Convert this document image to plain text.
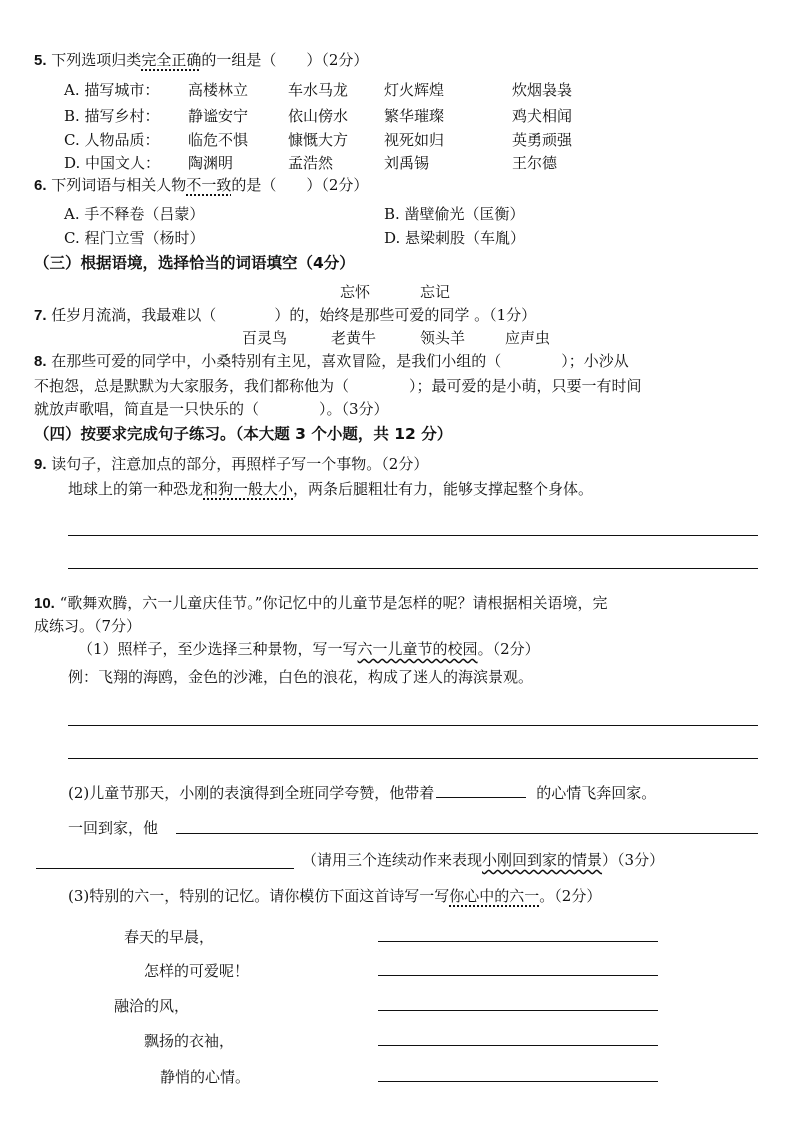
5. 下列选项归类完全正确的一组是（　　）（2分）
A. 描写城市： 高楼林立	车水马龙 灯火辉煌	炊烟袅袅
B. 描写乡村： 静谧安宁	依山傍水 繁华璀璨	鸡犬相闻
C. 人物品质： 临危不惧	慷慨大方 视死如归	英勇顽强
D. 中国文人： 陶渊明	孟浩然	刘禹锡	王尔德
6. 下列词语与相关人物不一致的是（　　）（2分）
A. 手不释卷（吕蒙）	B. 凿壁偷光（匡衡）
C. 程门立雪（杨时）	D. 悬梁刺股（车胤）
（三）根据语境，选择恰当的词语填空（4分）
忘怀	忘记
7. 任岁月流淌，我最难以（	）的，始终是那些可爱的同学 。（1分）
百灵鸟	老黄牛	领头羊	应声虫
8. 在那些可爱的同学中，小桑特别有主见，喜欢冒险，是我们小组的（　　　　）；小沙从
不抱怨，总是默默为大家服务，我们都称他为（　　　　）；最可爱的是小萌，只要一有时间
就放声歌唱，简直是一只快乐的（　　　　）。（3分）
（四）按要求完成句子练习。（本大题 3 个小题，共 12 分）
9. 读句子，注意加点的部分，再照样子写一个事物。（2分）
地球上的第一种恐龙和狗一般大小，两条后腿粗壮有力，能够支撑起整个身体。
10. “歌舞欢腾，六一儿童庆佳节。”你记忆中的儿童节是怎样的呢？请根据相关语境，完
成练习。（7分）
（1）照样子，至少选择三种景物，写一写六一儿童节的校园。（2分）
例：飞翔的海鸥，金色的沙滩，白色的浪花，构成了迷人的海滨景观。
(2)儿童节那天，小刚的表演得到全班同学夸赞，他带着	的心情飞奔回家。
一回到家，他
（请用三个连续动作来表现小刚回到家的情景）（3分）
(3)特别的六一，特别的记忆。请你模仿下面这首诗写一写你心中的六一。（2分）
春天的早晨，
怎样的可爱呢！
融洽的风，
飘扬的衣袖，
静悄的心情。
